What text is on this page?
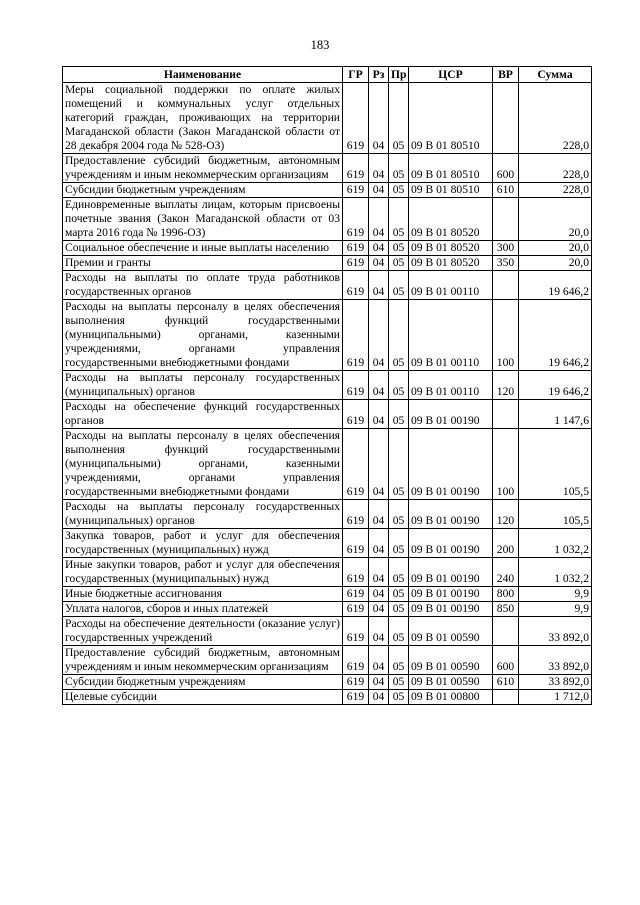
183
Наименование	ГР	Рз	Пр	ЦСР	ВР	Сумма
Меры социальной поддержки по оплате жилых помещений и коммунальных услуг отдельных категорий граждан, проживающих на территории Магаданской области (Закон Магаданской области от 28 декабря 2004 года № 528-ОЗ)	619	04	05	09 В 01 80510		228,0
Предоставление субсидий бюджетным, автономным учреждениям и иным некоммерческим организациям	619	04	05	09 В 01 80510	600	228,0
Субсидии бюджетным учреждениям	619	04	05	09 В 01 80510	610	228,0
Единовременные выплаты лицам, которым присвоены почетные звания (Закон Магаданской области от 03 марта 2016 года № 1996-ОЗ)	619	04	05	09 В 01 80520		20,0
Социальное обеспечение и иные выплаты населению	619	04	05	09 В 01 80520	300	20,0
Премии и гранты	619	04	05	09 В 01 80520	350	20,0
Расходы на выплаты по оплате труда работников государственных органов	619	04	05	09 В 01 00110		19 646,2
Расходы на выплаты персоналу в целях обеспечения выполнения функций государственными (муниципальными) органами, казенными учреждениями, органами управления государственными внебюджетными фондами	619	04	05	09 В 01 00110	100	19 646,2
Расходы на выплаты персоналу государственных (муниципальных) органов	619	04	05	09 В 01 00110	120	19 646,2
Расходы на обеспечение функций государственных органов	619	04	05	09 В 01 00190		1 147,6
Расходы на выплаты персоналу в целях обеспечения выполнения функций государственными (муниципальными) органами, казенными учреждениями, органами управления государственными внебюджетными фондами	619	04	05	09 В 01 00190	100	105,5
Расходы на выплаты персоналу государственных (муниципальных) органов	619	04	05	09 В 01 00190	120	105,5
Закупка товаров, работ и услуг для обеспечения государственных (муниципальных) нужд	619	04	05	09 В 01 00190	200	1 032,2
Иные закупки товаров, работ и услуг для обеспечения государственных (муниципальных) нужд	619	04	05	09 В 01 00190	240	1 032,2
Иные бюджетные ассигнования	619	04	05	09 В 01 00190	800	9,9
Уплата налогов, сборов и иных платежей	619	04	05	09 В 01 00190	850	9,9
Расходы на обеспечение деятельности (оказание услуг) государственных учреждений	619	04	05	09 В 01 00590		33 892,0
Предоставление субсидий бюджетным, автономным учреждениям и иным некоммерческим организациям	619	04	05	09 В 01 00590	600	33 892,0
Субсидии бюджетным учреждениям	619	04	05	09 В 01 00590	610	33 892,0
Целевые субсидии	619	04	05	09 В 01 00800		1 712,0
